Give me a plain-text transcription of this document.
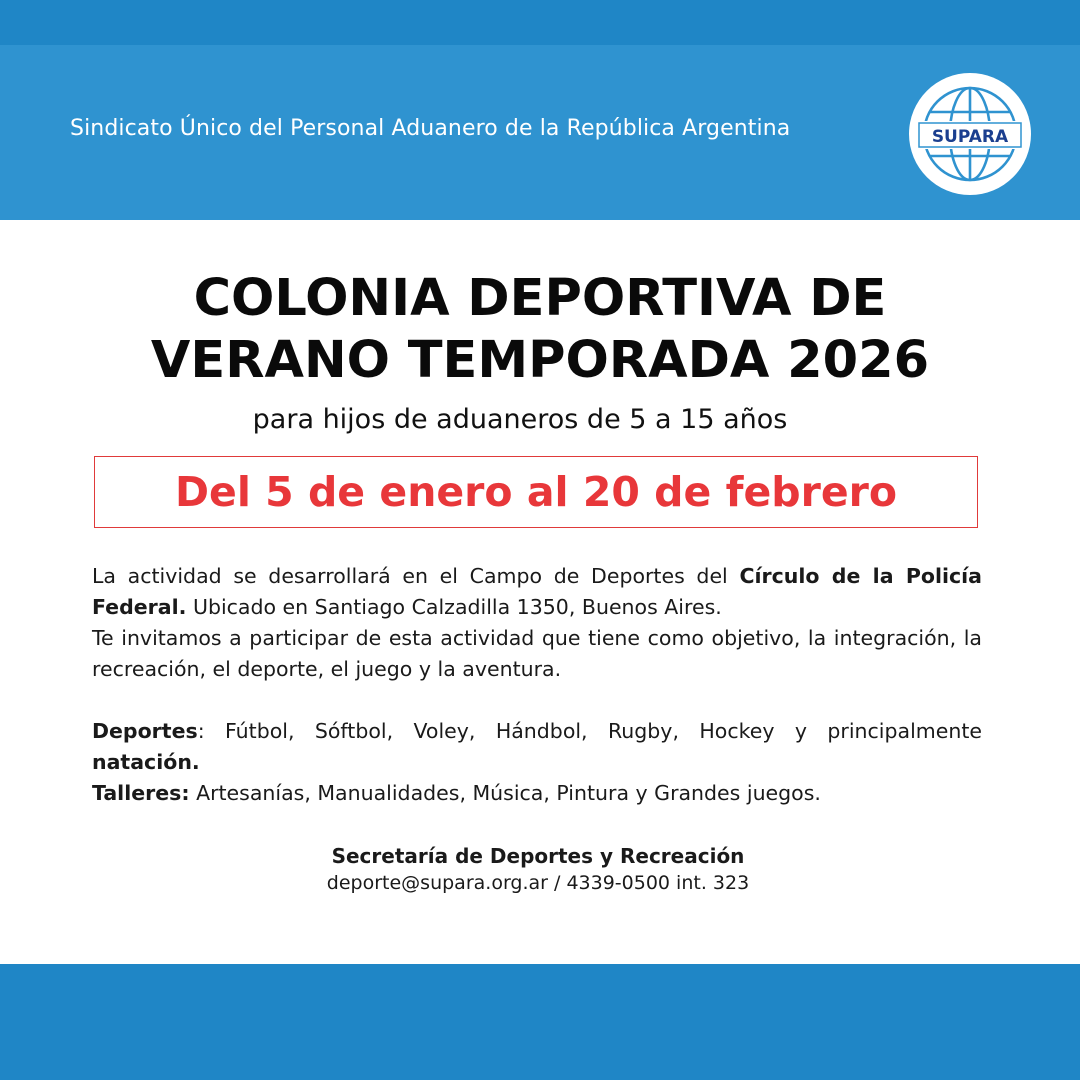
Sindicato Único del Personal Aduanero de la República Argentina	SUPARA
COLONIA DEPORTIVA DE
VERANO TEMPORADA 2026
para hijos de aduaneros de 5 a 15 años
Del 5 de enero al 20 de febrero

La actividad se desarrollará en el Campo de Deportes del Círculo de la Policía Federal. Ubicado en Santiago Calzadilla 1350, Buenos Aires.

Te invitamos a participar de esta actividad que tiene como objetivo, la integración, la recreación, el deporte, el juego y la aventura.

Deportes: Fútbol, Sóftbol, Voley, Hándbol, Rugby, Hockey y principalmente natación.

Talleres: Artesanías, Manualidades, Música, Pintura y Grandes juegos.

Secretaría de Deportes y Recreación
deporte@supara.org.ar / 4339-0500 int. 323
